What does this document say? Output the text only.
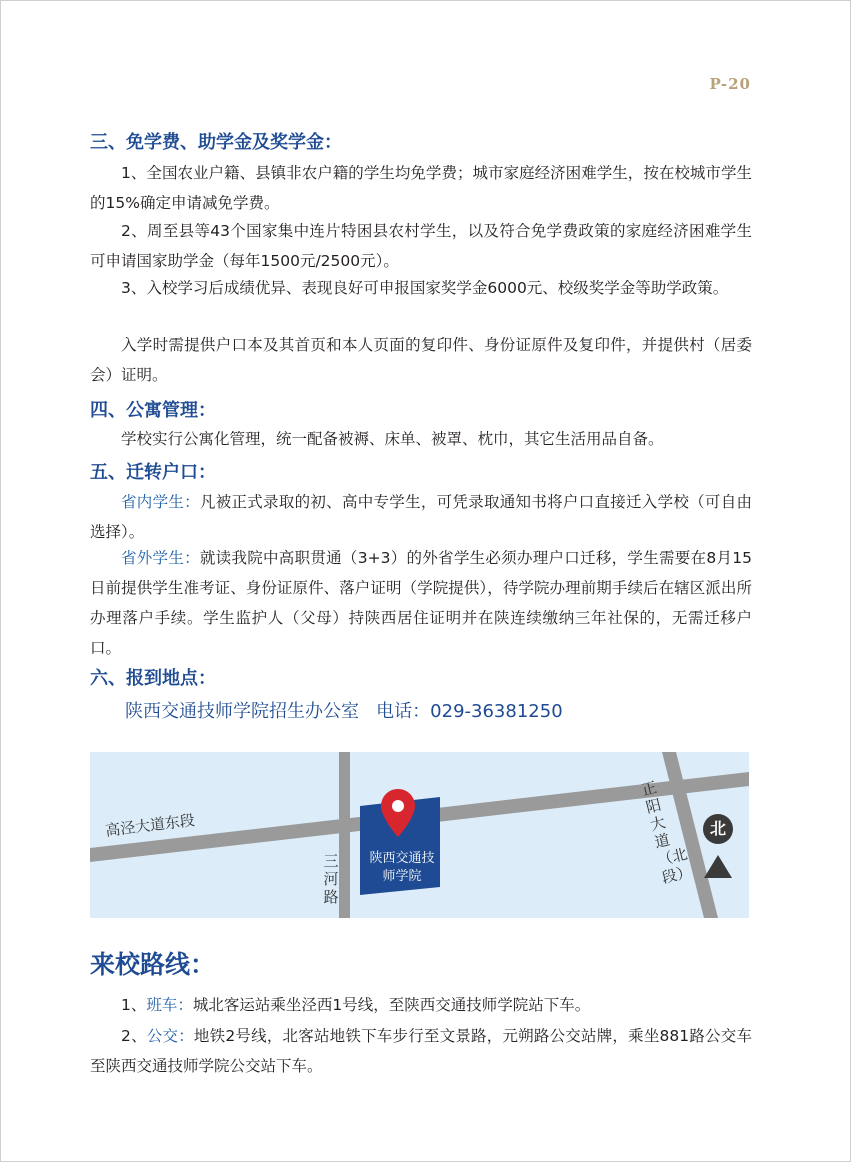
P-20
三、免学费、助学金及奖学金：
1、全国农业户籍、县镇非农户籍的学生均免学费；城市家庭经济困难学生，按在校城市学生的15%确定申请减免学费。
2、周至县等43个国家集中连片特困县农村学生，以及符合免学费政策的家庭经济困难学生可申请国家助学金（每年1500元/2500元）。
3、入校学习后成绩优异、表现良好可申报国家奖学金6000元、校级奖学金等助学政策。
入学时需提供户口本及其首页和本人页面的复印件、身份证原件及复印件，并提供村（居委会）证明。
四、公寓管理：
学校实行公寓化管理，统一配备被褥、床单、被罩、枕巾，其它生活用品自备。
五、迁转户口：
省内学生：凡被正式录取的初、高中专学生，可凭录取通知书将户口直接迁入学校（可自由选择）。
省外学生：就读我院中高职贯通（3+3）的外省学生必须办理户口迁移，学生需要在8月15日前提供学生准考证、身份证原件、落户证明（学院提供），待学院办理前期手续后在辖区派出所办理落户手续。学生监护人（父母）持陕西居住证明并在陕连续缴纳三年社保的，无需迁移户口。
六、报到地点：
陕西交通技师学院招生办公室 电话：029-36381250
高泾大道东段
三河路
正阳大道（北段）
陕西交通技师学院
北
来校路线：
1、班车：城北客运站乘坐泾西1号线，至陕西交通技师学院站下车。
2、公交：地铁2号线，北客站地铁下车步行至文景路，元朔路公交站牌，乘坐881路公交车至陕西交通技师学院公交站下车。
